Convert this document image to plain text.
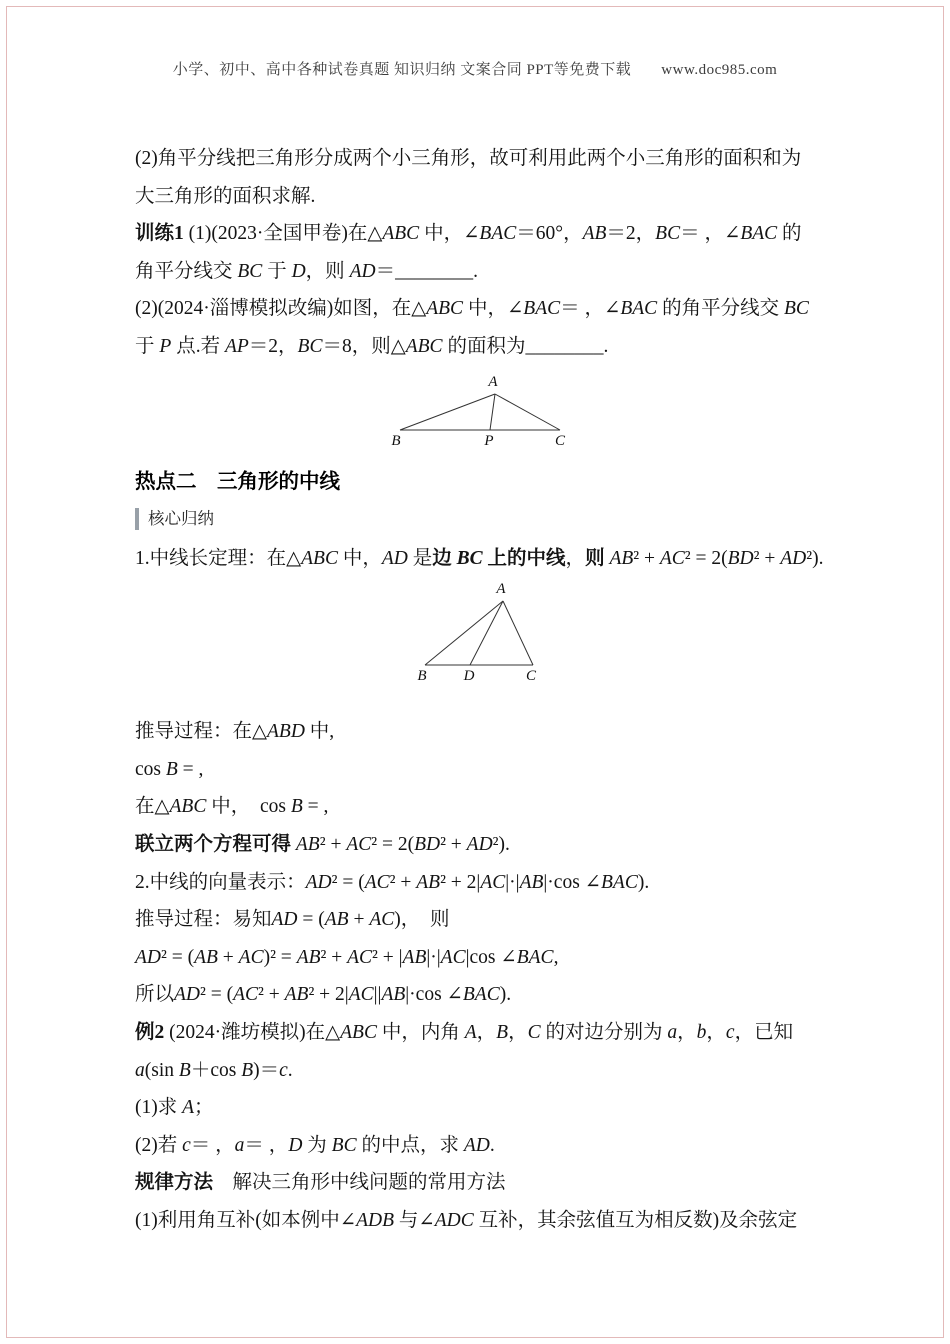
小学、初中、高中各种试卷真题 知识归纳 文案合同 PPT等免费下载 www.doc985.com
(2)角平分线把三角形分成两个小三角形，故可利用此两个小三角形的面积和为
大三角形的面积求解.
训练1 (1)(2023·全国甲卷)在△ABC 中，∠BAC＝60°，AB＝2，BC＝ ，∠BAC 的
角平分线交 BC 于 D，则 AD＝________.
(2)(2024·淄博模拟改编)如图，在△ABC 中，∠BAC＝ ，∠BAC 的角平分线交 BC
于 P 点.若 AP＝2，BC＝8，则△ABC 的面积为________.
A
B	P	C
热点二　三角形的中线
核心归纳
1.中线长定理：在△ABC 中，AD 是边 BC 上的中线，则 AB² + AC² = 2(BD² + AD²).
A
B D	C
推导过程：在△ABD 中,
cos B = ,
在△ABC 中，　cos B = ,
联立两个方程可得 AB² + AC² = 2(BD² + AD²).
2.中线的向量表示：AD² = (AC² + AB² + 2|AC|·|AB|·cos ∠BAC).
推导过程：易知AD = (AB + AC)，　则
AD² = (AB + AC)² = AB² + AC² + |AB|·|AC|cos ∠BAC,
所以AD² = (AC² + AB² + 2|AC||AB|·cos ∠BAC).
例2 (2024·潍坊模拟)在△ABC 中，内角 A，B，C 的对边分别为 a，b，c，已知
a(sin B＋cos B)＝c.
(1)求 A；
(2)若 c＝ ，a＝ ，D 为 BC 的中点，求 AD.
规律方法　解决三角形中线问题的常用方法
(1)利用角互补(如本例中∠ADB 与∠ADC 互补，其余弦值互为相反数)及余弦定
